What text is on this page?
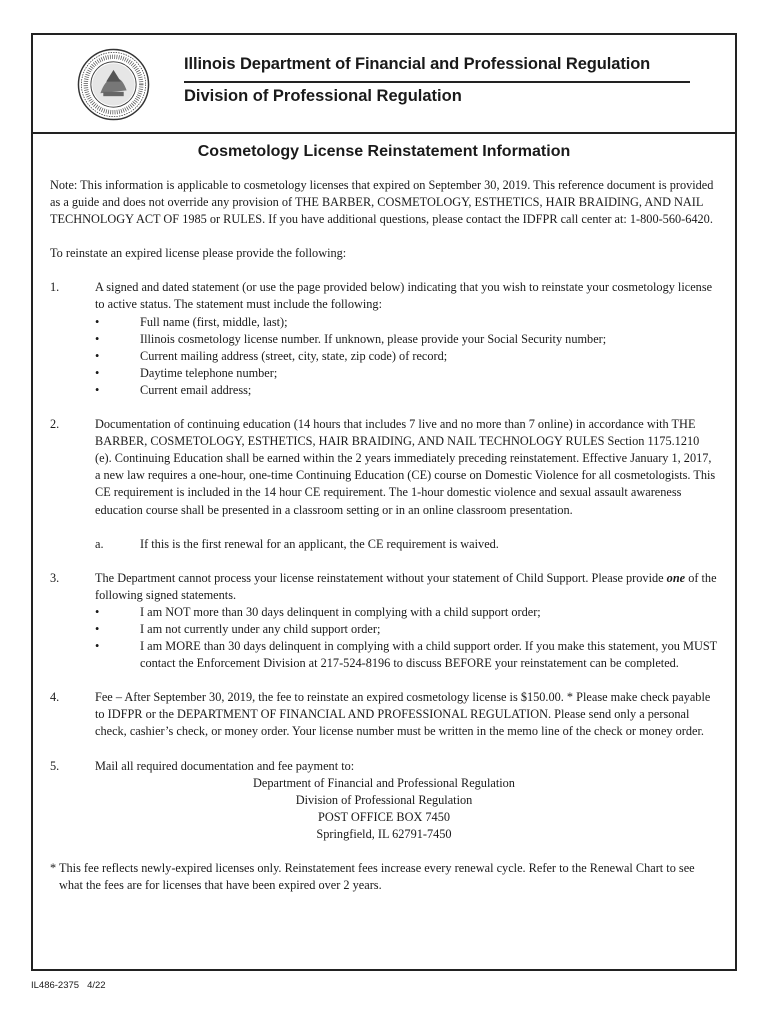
Illinois Department of Financial and Professional Regulation
Division of Professional Regulation
Cosmetology License Reinstatement Information

Note: This information is applicable to cosmetology licenses that expired on September 30, 2019. This reference document is provided as a guide and does not override any provision of THE BARBER, COSMETOLOGY, ESTHETICS, HAIR BRAIDING, AND NAIL TECHNOLOGY ACT OF 1985 or RULES. If you have additional questions, please contact the IDFPR call center at: 1-800-560-6420.

To reinstate an expired license please provide the following:

1.	A signed and dated statement (or use the page provided below) indicating that you wish to reinstate your cosmetology license to active status. The statement must include the following:
•	Full name (first, middle, last);
•	Illinois cosmetology license number. If unknown, please provide your Social Security number;
•	Current mailing address (street, city, state, zip code) of record;
•	Daytime telephone number;
•	Current email address;
2.	Documentation of continuing education (14 hours that includes 7 live and no more than 7 online) in accordance with THE BARBER, COSMETOLOGY, ESTHETICS, HAIR BRAIDING, AND NAIL TECHNOLOGY RULES Section 1175.1210 (e). Continuing Education shall be earned within the 2 years immediately preceding reinstatement. Effective January 1, 2017, a new law requires a one-hour, one-time Continuing Education (CE) course on Domestic Violence for all cosmetologists. This CE requirement is included in the 14 hour CE requirement. The 1-hour domestic violence and sexual assault awareness education course shall be presented in a classroom setting or in an online classroom presentation.
a.	If this is the first renewal for an applicant, the CE requirement is waived.
3.	The Department cannot process your license reinstatement without your statement of Child Support. Please provide one of the following signed statements.
•	I am NOT more than 30 days delinquent in complying with a child support order;
•	I am not currently under any child support order;
•	I am MORE than 30 days delinquent in complying with a child support order. If you make this statement, you MUST contact the Enforcement Division at 217-524-8196 to discuss BEFORE your reinstatement can be completed.
4.	Fee – After September 30, 2019, the fee to reinstate an expired cosmetology license is $150.00. * Please make check payable to IDFPR or the DEPARTMENT OF FINANCIAL AND PROFESSIONAL REGULATION. Please send only a personal check, cashier’s check, or money order. Your license number must be written in the memo line of the check or money order.
5.	Mail all required documentation and fee payment to:
Department of Financial and Professional Regulation
Division of Professional Regulation
POST OFFICE BOX 7450
Springfield, IL 62791-7450

* This fee reflects newly-expired licenses only. Reinstatement fees increase every renewal cycle. Refer to the Renewal Chart to see what the fees are for licenses that have been expired over 2 years.

IL486-2375 4/22
